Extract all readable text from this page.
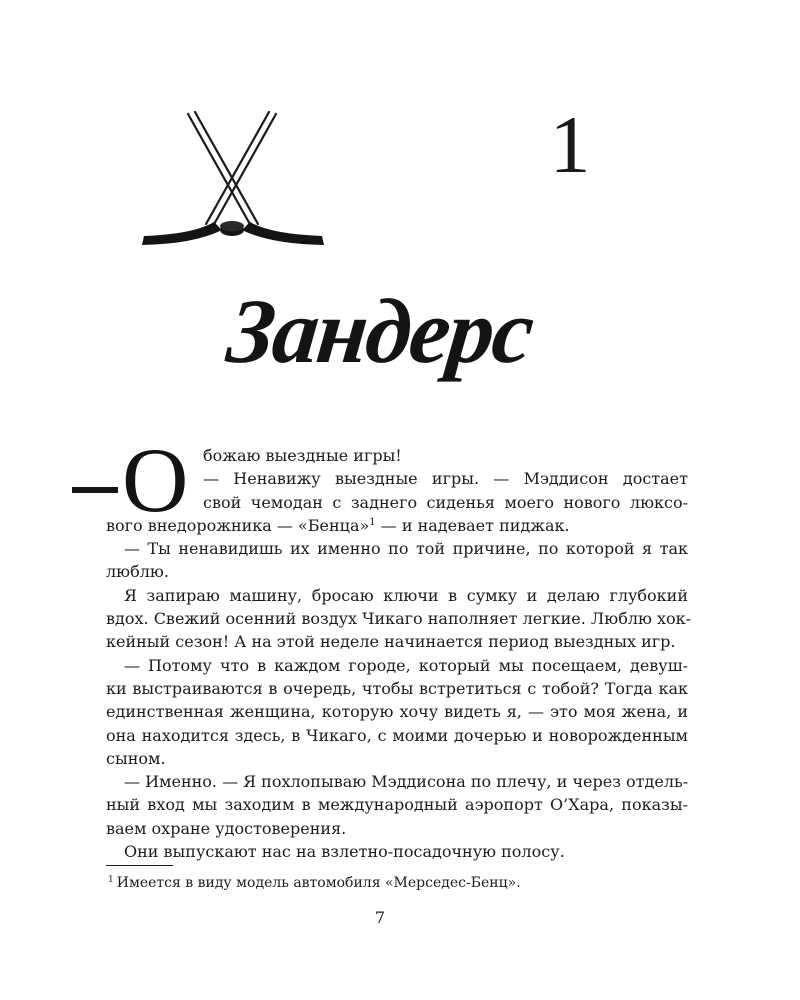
1
Зандерс
О божаю выездные игры!
— Ненавижу выездные игры. — Мэддисон достает
свой чемодан с заднего сиденья моего нового люксо-
вого внедорожника — «Бенца»$^1$ — и надевает пиджак.
— Ты ненавидишь их именно по той причине, по которой я так
люблю.
Я запираю машину, бросаю ключи в сумку и делаю глубокий
вдох. Свежий осенний воздух Чикаго наполняет легкие. Люблю хок-
кейный сезон! А на этой неделе начинается период выездных игр.
— Потому что в каждом городе, который мы посещаем, девуш-
ки выстраиваются в очередь, чтобы встретиться с тобой? Тогда как
единственная женщина, которую хочу видеть я, — это моя жена, и
она находится здесь, в Чикаго, с моими дочерью и новорожденным
сыном.
— Именно. — Я похлопываю Мэддисона по плечу, и через отдель-
ный вход мы заходим в международный аэропорт О’Хара, показы-
ваем охране удостоверения.
Они выпускают нас на взлетно-посадочную полосу.
$^1$ Имеется в виду модель автомобиля «Мерседес-Бенц».
7
